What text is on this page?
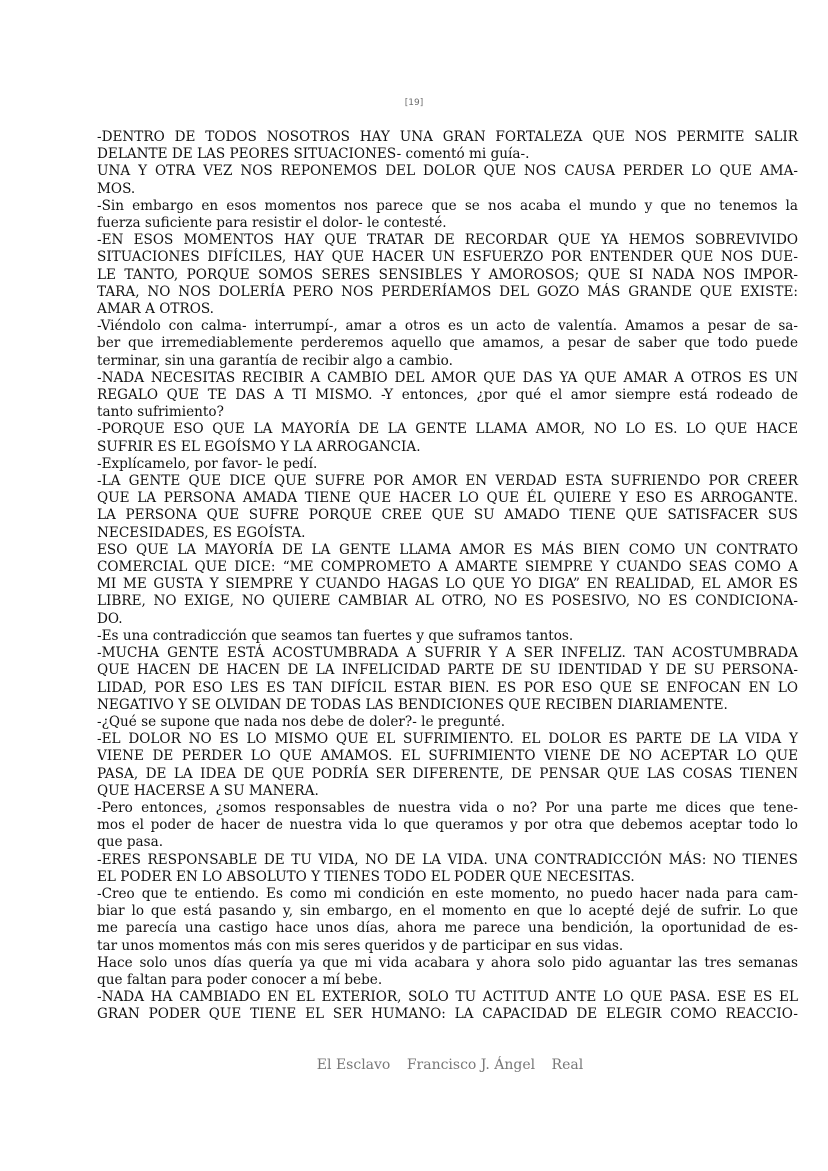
[19]
-DENTRO DE TODOS NOSOTROS HAY UNA GRAN FORTALEZA QUE NOS PERMITE SALIR
DELANTE DE LAS PEORES SITUACIONES- comentó mi guía-.
UNA Y OTRA VEZ NOS REPONEMOS DEL DOLOR QUE NOS CAUSA PERDER LO QUE AMA-
MOS.
-Sin embargo en esos momentos nos parece que se nos acaba el mundo y que no tenemos la
fuerza suficiente para resistir el dolor- le contesté.
-EN ESOS MOMENTOS HAY QUE TRATAR DE RECORDAR QUE YA HEMOS SOBREVIVIDO
SITUACIONES DIFÍCILES, HAY QUE HACER UN ESFUERZO POR ENTENDER QUE NOS DUE-
LE TANTO, PORQUE SOMOS SERES SENSIBLES Y AMOROSOS; QUE SI NADA NOS IMPOR-
TARA, NO NOS DOLERÍA PERO NOS PERDERÍAMOS DEL GOZO MÁS GRANDE QUE EXISTE:
AMAR A OTROS.
-Viéndolo con calma- interrumpí-, amar a otros es un acto de valentía. Amamos a pesar de sa-
ber que irremediablemente perderemos aquello que amamos, a pesar de saber que todo puede
terminar, sin una garantía de recibir algo a cambio.
-NADA NECESITAS RECIBIR A CAMBIO DEL AMOR QUE DAS YA QUE AMAR A OTROS ES UN
REGALO QUE TE DAS A TI MISMO. -Y entonces, ¿por qué el amor siempre está rodeado de
tanto sufrimiento?
-PORQUE ESO QUE LA MAYORÍA DE LA GENTE LLAMA AMOR, NO LO ES. LO QUE HACE
SUFRIR ES EL EGOÍSMO Y LA ARROGANCIA.
-Explícamelo, por favor- le pedí.
-LA GENTE QUE DICE QUE SUFRE POR AMOR EN VERDAD ESTA SUFRIENDO POR CREER
QUE LA PERSONA AMADA TIENE QUE HACER LO QUE ÉL QUIERE Y ESO ES ARROGANTE.
LA PERSONA QUE SUFRE PORQUE CREE QUE SU AMADO TIENE QUE SATISFACER SUS
NECESIDADES, ES EGOÍSTA.
ESO QUE LA MAYORÍA DE LA GENTE LLAMA AMOR ES MÁS BIEN COMO UN CONTRATO
COMERCIAL QUE DICE: “ME COMPROMETO A AMARTE SIEMPRE Y CUANDO SEAS COMO A
MI ME GUSTA Y SIEMPRE Y CUANDO HAGAS LO QUE YO DIGA” EN REALIDAD, EL AMOR ES
LIBRE, NO EXIGE, NO QUIERE CAMBIAR AL OTRO, NO ES POSESIVO, NO ES CONDICIONA-
DO.
-Es una contradicción que seamos tan fuertes y que suframos tantos.
-MUCHA GENTE ESTÁ ACOSTUMBRADA A SUFRIR Y A SER INFELIZ. TAN ACOSTUMBRADA
QUE HACEN DE HACEN DE LA INFELICIDAD PARTE DE SU IDENTIDAD Y DE SU PERSONA-
LIDAD, POR ESO LES ES TAN DIFÍCIL ESTAR BIEN. ES POR ESO QUE SE ENFOCAN EN LO
NEGATIVO Y SE OLVIDAN DE TODAS LAS BENDICIONES QUE RECIBEN DIARIAMENTE.
-¿Qué se supone que nada nos debe de doler?- le pregunté.
-EL DOLOR NO ES LO MISMO QUE EL SUFRIMIENTO. EL DOLOR ES PARTE DE LA VIDA Y
VIENE DE PERDER LO QUE AMAMOS. EL SUFRIMIENTO VIENE DE NO ACEPTAR LO QUE
PASA, DE LA IDEA DE QUE PODRÍA SER DIFERENTE, DE PENSAR QUE LAS COSAS TIENEN
QUE HACERSE A SU MANERA.
-Pero entonces, ¿somos responsables de nuestra vida o no? Por una parte me dices que tene-
mos el poder de hacer de nuestra vida lo que queramos y por otra que debemos aceptar todo lo
que pasa.
-ERES RESPONSABLE DE TU VIDA, NO DE LA VIDA. UNA CONTRADICCIÓN MÁS: NO TIENES
EL PODER EN LO ABSOLUTO Y TIENES TODO EL PODER QUE NECESITAS.
-Creo que te entiendo. Es como mi condición en este momento, no puedo hacer nada para cam-
biar lo que está pasando y, sin embargo, en el momento en que lo acepté dejé de sufrir. Lo que
me parecía una castigo hace unos días, ahora me parece una bendición, la oportunidad de es-
tar unos momentos más con mis seres queridos y de participar en sus vidas.
Hace solo unos días quería ya que mi vida acabara y ahora solo pido aguantar las tres semanas
que faltan para poder conocer a mí bebe.
-NADA HA CAMBIADO EN EL EXTERIOR, SOLO TU ACTITUD ANTE LO QUE PASA. ESE ES EL
GRAN PODER QUE TIENE EL SER HUMANO: LA CAPACIDAD DE ELEGIR COMO REACCIO-
El Esclavo Francisco J. Ángel Real
